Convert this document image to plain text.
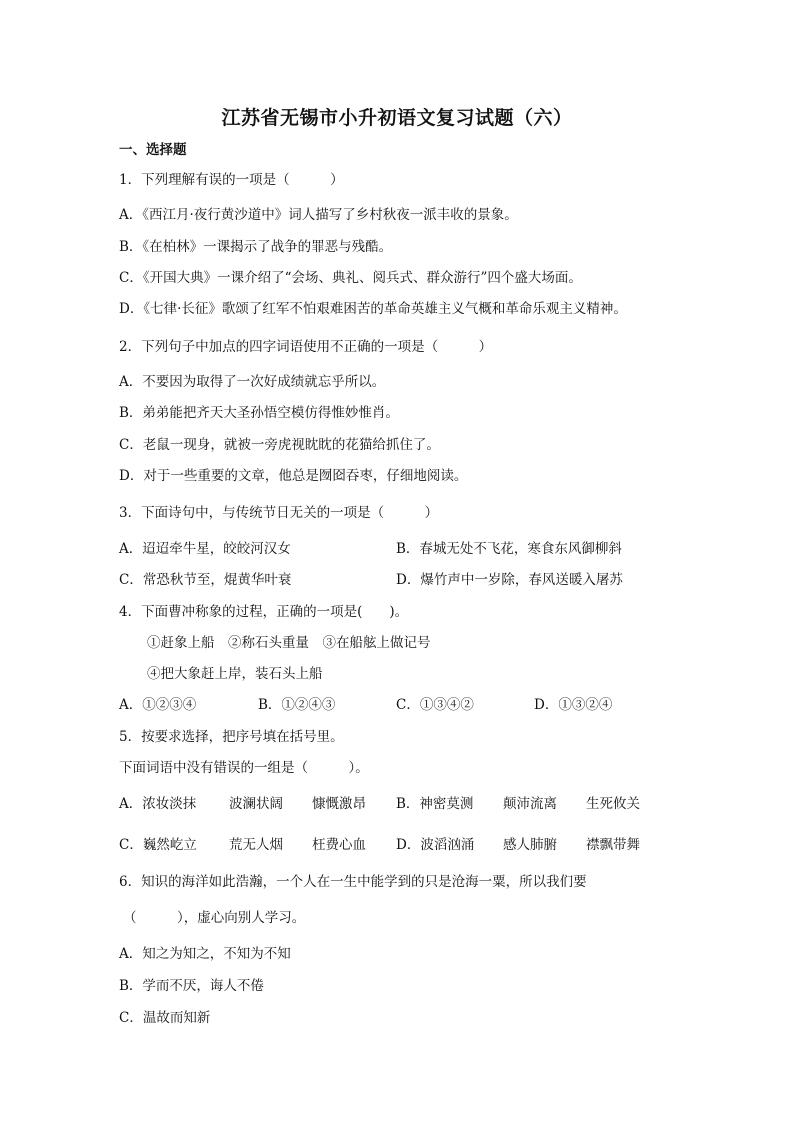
江苏省无锡市小升初语文复习试题（六）
一、选择题
1．下列理解有误的一项是（　　　）
A．《西江月·夜行黄沙道中》词人描写了乡村秋夜一派丰收的景象。
B．《在柏林》一课揭示了战争的罪恶与残酷。
C．《开国大典》一课介绍了“会场、典礼、阅兵式、群众游行”四个盛大场面。
D．《七律·长征》歌颂了红军不怕艰难困苦的革命英雄主义气概和革命乐观主义精神。
2．下列句子中加点的四字词语使用不正确的一项是（　　　）
A．不要因为取得了一次好成绩就忘乎所以。
B．弟弟能把齐天大圣孙悟空模仿得惟妙惟肖。
C．老鼠一现身，就被一旁虎视眈眈的花猫给抓住了。
D．对于一些重要的文章，他总是囫囵吞枣，仔细地阅读。
3．下面诗句中，与传统节日无关的一项是（　　　）
A．迢迢牵牛星，皎皎河汉女	B．春城无处不飞花，寒食东风御柳斜
C．常恐秋节至，焜黄华叶衰	D．爆竹声中一岁除，春风送暖入屠苏
4．下面曹冲称象的过程，正确的一项是(　　)。
①赶象上船　②称石头重量　③在船舷上做记号
④把大象赶上岸，装石头上船
A．①②③④	B．①②④③	C．①③④②	D．①③②④
5．按要求选择，把序号填在括号里。
下面词语中没有错误的一组是（　　　）。
A．浓妆淡抹 波澜状阔 慷慨激昂 B．神密莫测 颠沛流离 生死攸关
C．巍然屹立 荒无人烟 枉费心血 D．波滔汹涌 感人肺腑 襟飘带舞
6．知识的海洋如此浩瀚，一个人在一生中能学到的只是沧海一粟，所以我们要
（　　　），虚心向别人学习。
A．知之为知之，不知为不知
B．学而不厌，诲人不倦
C．温故而知新
